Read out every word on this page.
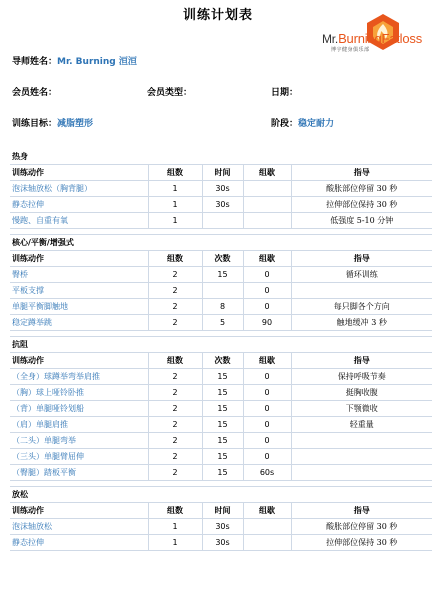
训练计划表
Mr.BurningFatloss
博宇健身俱乐部
导师姓名：Mr. Burning 洹洹
会员姓名：	会员类型：	日期：
训练目标：减脂塑形	阶段：稳定耐力
热身				
训练动作	组数	时间	组歇	指导
泡沫轴放松（胸背腿）	1	30s		酸胀部位停留 30 秒
静态拉伸	1	30s		拉伸部位保持 30 秒
慢跑、自重有氧	1			低强度 5-10 分钟

核心/平衡/增强式				
训练动作	组数	次数	组歇	指导
臀桥	2	15	0	循环训练
平板支撑	2		0	
单腿平衡脚触地	2	8	0	每只脚各个方向
稳定蹲举跳	2	5	90	触地缓冲 3 秒

抗阻				
训练动作	组数	次数	组歇	指导
（全身）球蹲举弯举肩推	2	15	0	保持呼吸节奏
（胸）球上哑铃卧推	2	15	0	挺胸收腹
（背）单腿哑铃划船	2	15	0	下颚微收
（肩）单腿肩推	2	15	0	轻重量
（二头）单腿弯举	2	15	0	
（三头）单腿臂屈伸	2	15	0	
（臀腿）踏板平衡	2	15	60s	

放松				
训练动作	组数	时间	组歇	指导
泡沫轴放松	1	30s		酸胀部位停留 30 秒
静态拉伸	1	30s		拉伸部位保持 30 秒
